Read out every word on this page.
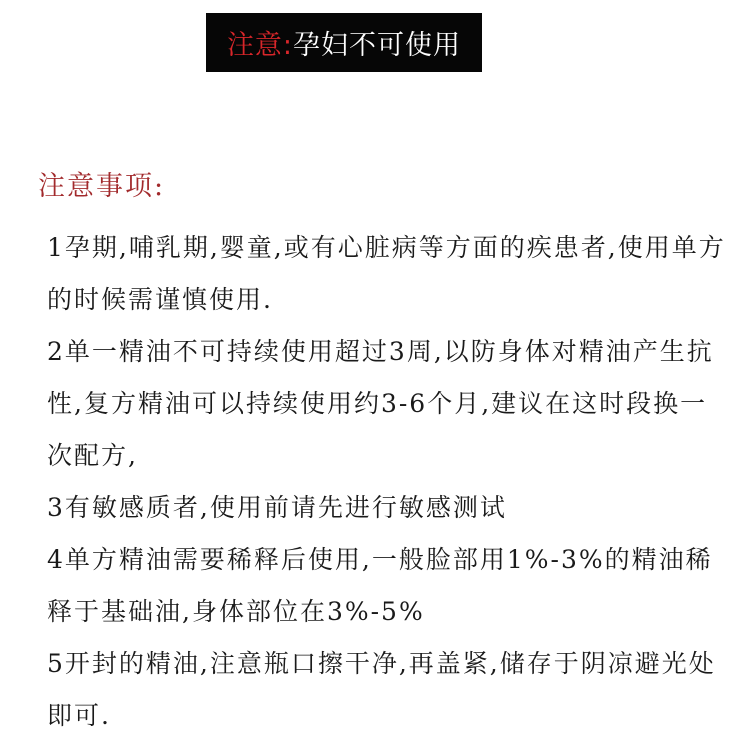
注意: 孕妇不可使用
注意事项:

1孕期,哺乳期,婴童,或有心脏病等方面的疾患者,使用单方的时候需谨慎使用.

2单一精油不可持续使用超过3周,以防身体对精油产生抗性,复方精油可以持续使用约3-6个月,建议在这时段换一次配方,

3有敏感质者,使用前请先进行敏感测试

4单方精油需要稀释后使用,一般脸部用1%-3%的精油稀释于基础油,身体部位在3%-5%

5开封的精油,注意瓶口擦干净,再盖紧,储存于阴凉避光处即可.
